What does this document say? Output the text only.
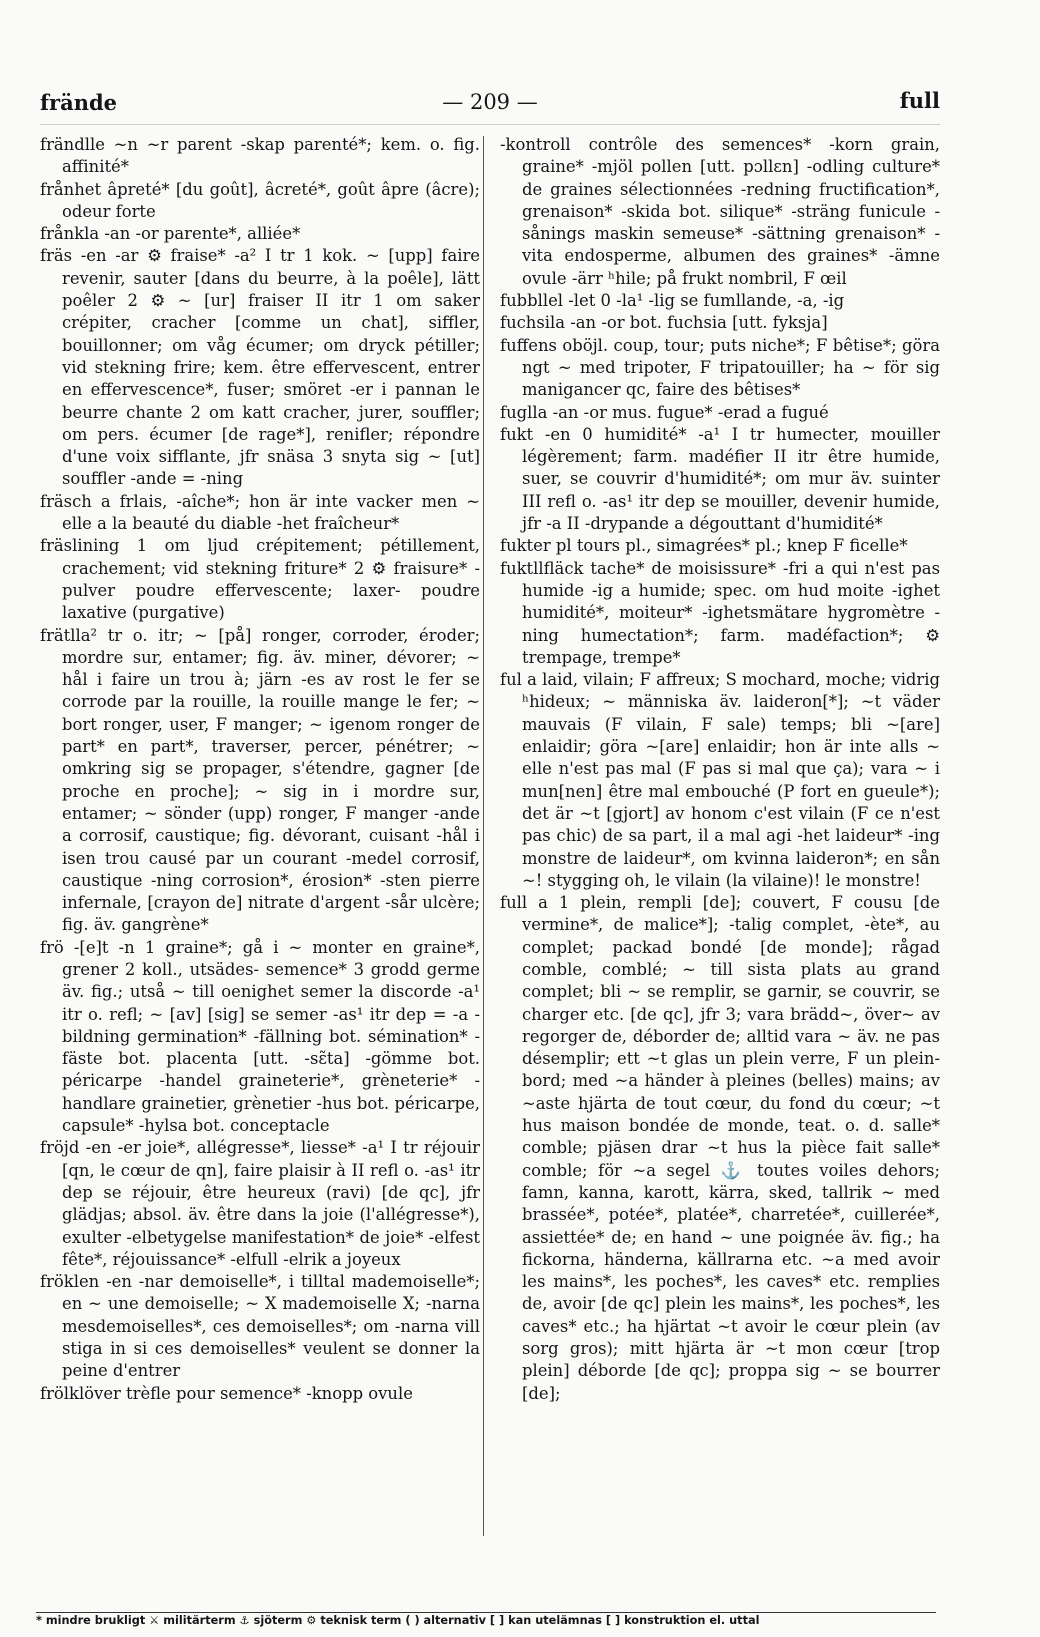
frände	— 209 —	full

frändlle ~n ~r parent -skap parenté*; kem. o. fig. affinité*

frånhet âpreté* [du goût], âcreté*, goût âpre (âcre); odeur forte

frånkla -an -or parente*, alliée*

fräs -en -ar ⚙ fraise* -a² I tr 1 kok. ~ [upp] faire revenir, sauter [dans du beurre, à la poêle], lätt poêler 2 ⚙ ~ [ur] fraiser II itr 1 om saker crépiter, cracher [comme un chat], siffler, bouillonner; om våg écumer; om dryck pétiller; vid stekning frire; kem. être effervescent, entrer en effervescence*, fuser; smöret -er i pannan le beurre chante 2 om katt cracher, jurer, souffler; om pers. écumer [de rage*], renifler; répondre d'une voix sifflante, jfr snäsa 3 snyta sig ~ [ut] souffler -ande = -ning

fräsch a frlais, -aîche*; hon är inte vacker men ~ elle a la beauté du diable -het fraîcheur*

fräslining 1 om ljud crépitement; pétillement, crachement; vid stekning friture* 2 ⚙ fraisure* -pulver poudre effervescente; laxer- poudre laxative (purgative)

frätlla² tr o. itr; ~ [på] ronger, corroder, éroder; mordre sur, entamer; fig. äv. miner, dévorer; ~ hål i faire un trou à; järn -es av rost le fer se corrode par la rouille, la rouille mange le fer; ~ bort ronger, user, F manger; ~ igenom ronger de part* en part*, traverser, percer, pénétrer; ~ omkring sig se propager, s'étendre, gagner [de proche en proche]; ~ sig in i mordre sur, entamer; ~ sönder (upp) ronger, F manger -ande a corrosif, caustique; fig. dévorant, cuisant -hål i isen trou causé par un courant -medel corrosif, caustique -ning corrosion*, érosion* -sten pierre infernale, [crayon de] nitrate d'argent -sår ulcère; fig. äv. gangrène*

frö -[e]t -n 1 graine*; gå i ~ monter en graine*, grener 2 koll., utsädes- semence* 3 grodd germe äv. fig.; utså ~ till oenighet semer la discorde -a¹ itr o. refl; ~ [av] [sig] se semer -as¹ itr dep = -a -bildning germination* -fällning bot. sémination* -fäste bot. placenta [utt. -sɛ̃ta] -gömme bot. péricarpe -handel graineterie*, grèneterie* -handlare grainetier, grènetier -hus bot. péricarpe, capsule* -hylsa bot. conceptacle

fröjd -en -er joie*, allégresse*, liesse* -a¹ I tr réjouir [qn, le cœur de qn], faire plaisir à II refl o. -as¹ itr dep se réjouir, être heureux (ravi) [de qc], jfr glädjas; absol. äv. être dans la joie (l'allégresse*), exulter -elbetygelse manifestation* de joie* -elfest fête*, réjouissance* -elfull -elrik a joyeux

fröklen -en -nar demoiselle*, i tilltal mademoiselle*; en ~ une demoiselle; ~ X mademoiselle X; -narna mesdemoiselles*, ces demoiselles*; om -narna vill stiga in si ces demoiselles* veulent se donner la peine d'entrer

frölklöver trèfle pour semence* -knopp ovule

-kontroll contrôle des semences* -korn grain, graine* -mjöl pollen [utt. pɔllɛn] -odling culture* de graines sélectionnées -redning fructification*, grenaison* -skida bot. silique* -sträng funicule -sånings maskin semeuse* -sättning grenaison* -vita endosperme, albumen des graines* -ämne ovule -ärr ʰhile; på frukt nombril, F œil

fubbllel -let 0 -la¹ -lig se fumllande, -a, -ig

fuchsila -an -or bot. fuchsia [utt. fyksja]

fuffens oböjl. coup, tour; puts niche*; F bêtise*; göra ngt ~ med tripoter, F tripatouiller; ha ~ för sig manigancer qc, faire des bêtises*

fuglla -an -or mus. fugue* -erad a fugué

fukt -en 0 humidité* -a¹ I tr humecter, mouiller légèrement; farm. madéfier II itr être humide, suer, se couvrir d'humidité*; om mur äv. suinter III refl o. -as¹ itr dep se mouiller, devenir humide, jfr -a II -drypande a dégouttant d'humidité*

fukter pl tours pl., simagrées* pl.; knep F ficelle*

fuktllfläck tache* de moisissure* -fri a qui n'est pas humide -ig a humide; spec. om hud moite -ighet humidité*, moiteur* -ighetsmätare hygromètre -ning humectation*; farm. madéfaction*; ⚙ trempage, trempe*

ful a laid, vilain; F affreux; S mochard, moche; vidrig ʰhideux; ~ människa äv. laideron[*]; ~t väder mauvais (F vilain, F sale) temps; bli ~[are] enlaidir; göra ~[are] enlaidir; hon är inte alls ~ elle n'est pas mal (F pas si mal que ça); vara ~ i mun[nen] être mal embouché (P fort en gueule*); det är ~t [gjort] av honom c'est vilain (F ce n'est pas chic) de sa part, il a mal agi -het laideur* -ing monstre de laideur*, om kvinna laideron*; en sån ~! stygging oh, le vilain (la vilaine)! le monstre!

full a 1 plein, rempli [de]; couvert, F cousu [de vermine*, de malice*]; -talig complet, -ète*, au complet; packad bondé [de monde]; rågad comble, comblé; ~ till sista plats au grand complet; bli ~ se remplir, se garnir, se couvrir, se charger etc. [de qc], jfr 3; vara brädd~, över~ av regorger de, déborder de; alltid vara ~ äv. ne pas désemplir; ett ~t glas un plein verre, F un plein-bord; med ~a händer à pleines (belles) mains; av ~aste hjärta de tout cœur, du fond du cœur; ~t hus maison bondée de monde, teat. o. d. salle* comble; pjäsen drar ~t hus la pièce fait salle* comble; för ~a segel ⚓ toutes voiles dehors; famn, kanna, karott, kärra, sked, tallrik ~ med brassée*, potée*, platée*, charretée*, cuillerée*, assiettée* de; en hand ~ une poignée äv. fig.; ha fickorna, händerna, källrarna etc. ~a med avoir les mains*, les poches*, les caves* etc. remplies de, avoir [de qc] plein les mains*, les poches*, les caves* etc.; ha hjärtat ~t avoir le cœur plein (av sorg gros); mitt hjärta är ~t mon cœur [trop plein] déborde [de qc]; proppa sig ~ se bourrer [de];

* mindre brukligt ⚔ militärterm ⚓ sjöterm ⚙ teknisk term ( ) alternativ [ ] kan utelämnas [ ] konstruktion el. uttal
